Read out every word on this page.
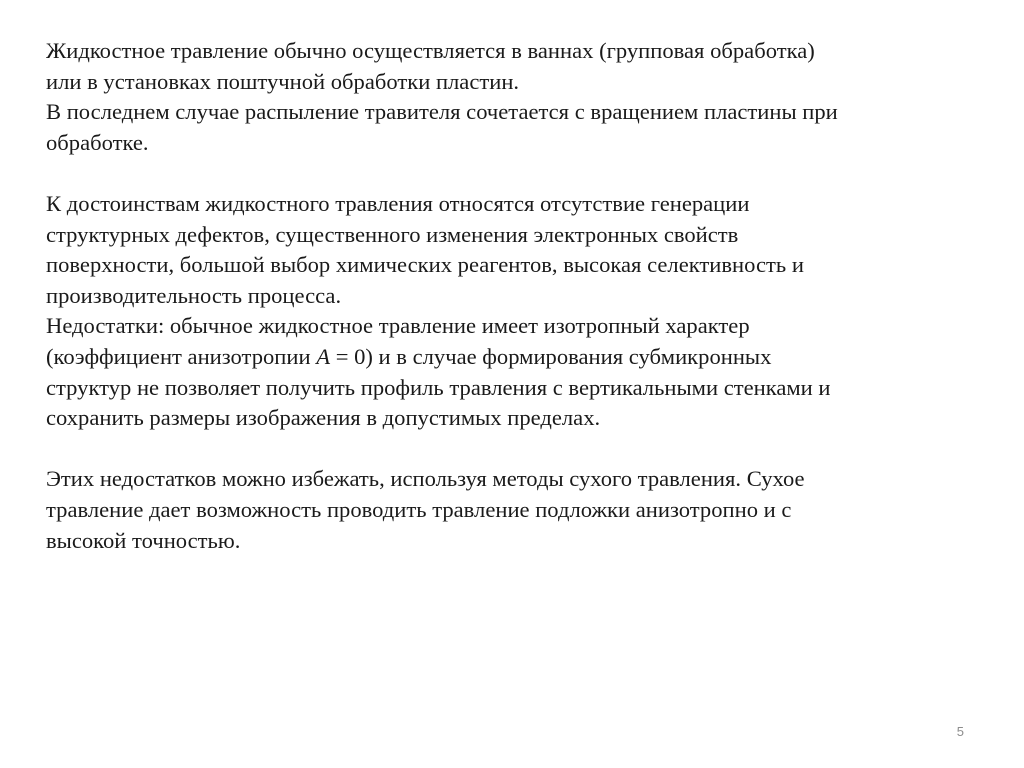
Жидкостное травление обычно осуществляется в ваннах (групповая обработка)
или в установках поштучной обработки пластин.
В последнем случае распыление травителя сочетается с вращением пластины при
обработке.
К достоинствам жидкостного травления относятся отсутствие генерации
структурных дефектов, существенного изменения электронных свойств
поверхности, большой выбор химических реагентов, высокая селективность и
производительность процесса.
Недостатки: обычное жидкостное травление имеет изотропный характер
(коэффициент анизотропии A = 0) и в случае формирования субмикронных
структур не позволяет получить профиль травления с вертикальными стенками и
сохранить размеры изображения в допустимых пределах.
Этих недостатков можно избежать, используя методы сухого травления. Сухое
травление дает возможность проводить травление подложки анизотропно и с
высокой точностью.
5
